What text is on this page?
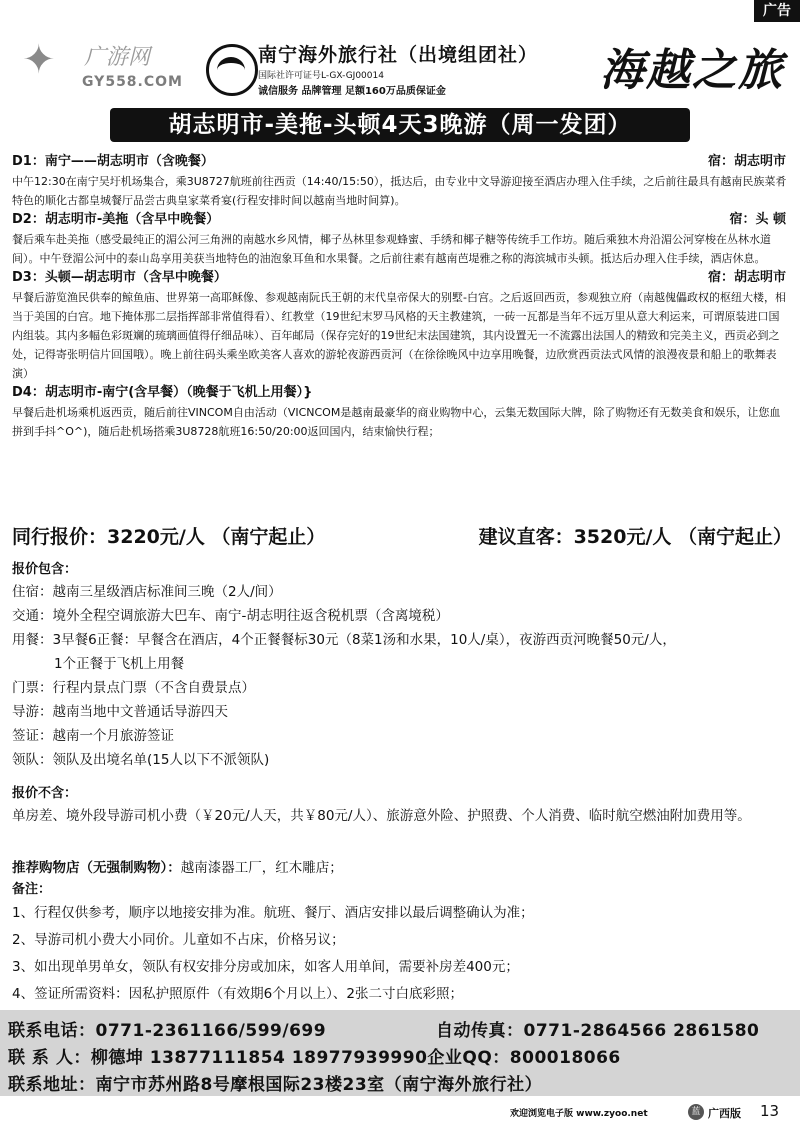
广告
✦ 广游网
GY558.COM
南宁海外旅行社（出境组团社）
国际社许可证号L-GX-GJ00014
诚信服务 品牌管理 足额160万品质保证金	海越之旅
胡志明市-美拖-头顿4天3晚游（周一发团）
D1：南宁——胡志明市（含晚餐）	宿：胡志明市
中午12:30在南宁吴圩机场集合，乘3U8727航班前往西贡（14:40/15:50），抵达后，由专业中文导游迎接至酒店办理入住手续，之后前往最具有越南民族菜肴特色的顺化古都皇城餐厅品尝古典皇家菜肴宴(行程安排时间以越南当地时间算)。
D2：胡志明市-美拖（含早中晚餐）	宿：头 顿
餐后乘车赴美拖（感受最纯正的湄公河三角洲的南越水乡风情，椰子丛林里参观蜂蜜、手绣和椰子糖等传统手工作坊。随后乘独木舟沿湄公河穿梭在丛林水道间）。中午登湄公河中的泰山岛享用美获当地特色的油泡象耳鱼和水果餐。之后前往素有越南芭堤雅之称的海滨城市头顿。抵达后办理入住手续，酒店休息。
D3：头顿—胡志明市（含早中晚餐）	宿：胡志明市
早餐后游览渔民供奉的鲸鱼庙、世界第一高耶稣像、参观越南阮氏王朝的末代皇帝保大的别墅-白宫。之后返回西贡，参观独立府（南越傀儡政权的枢纽大楼，相当于美国的白宫。地下掩体那二层指挥部非常值得看）、红教堂（19世纪末罗马风格的天主教建筑，一砖一瓦都是当年不远万里从意大利运来，可谓原装进口国内组装。其内多幅色彩斑斓的琉璃画值得仔细品味）、百年邮局（保存完好的19世纪末法国建筑，其内设置无一不流露出法国人的精致和完美主义，西贡必到之处，记得寄张明信片回国哦）。晚上前往码头乘坐欧美客人喜欢的游轮夜游西贡河（在徐徐晚风中边享用晚餐，边欣赏西贡法式风情的浪漫夜景和船上的歌舞表演）
D4：胡志明市-南宁(含早餐）（晚餐于飞机上用餐）}
早餐后赴机场乘机返西贡，随后前往VINCOM自由活动（VICNCOM是越南最豪华的商业购物中心，云集无数国际大牌，除了购物还有无数美食和娱乐，让您血拼到手抖^O^)，随后赴机场搭乘3U8728航班16:50/20:00返回国内，结束愉快行程；
同行报价：3220元/人 （南宁起止）	建议直客：3520元/人 （南宁起止）
报价包含：
住宿： 越南三星级酒店标准间三晚（2人/间）
交通： 境外全程空调旅游大巴车、南宁-胡志明往返含税机票（含离境税）
用餐： 3早餐6正餐：早餐含在酒店，4个正餐餐标30元（8菜1汤和水果，10人/桌），夜游西贡河晚餐50元/人，
1个正餐于飞机上用餐
门票： 行程内景点门票（不含自费景点）
导游： 越南当地中文普通话导游四天
签证： 越南一个月旅游签证
领队： 领队及出境名单(15人以下不派领队)
报价不含：
单房差、境外段导游司机小费（￥20元/人天，共￥80元/人）、旅游意外险、护照费、个人消费、临时航空燃油附加费用等。
推荐购物店（无强制购物）：越南漆器工厂，红木雕店；
备注：
1、行程仅供参考，顺序以地接安排为准。航班、餐厅、酒店安排以最后调整确认为准；
2、导游司机小费大小同价。儿童如不占床，价格另议；
3、如出现单男单女，领队有权安排分房或加床，如客人用单间，需要补房差400元；
4、签证所需资料：因私护照原件（有效期6个月以上）、2张二寸白底彩照；
联系电话：0771-2361166/599/699	自动传真：0771-2864566 2861580
联 系 人：柳德坤 13877111854 18977939990企业QQ：800018066
联系地址：南宁市苏州路8号摩根国际23楼23室（南宁海外旅行社）
欢迎浏览电子版 www.zyoo.net	蓝 广西版 13
